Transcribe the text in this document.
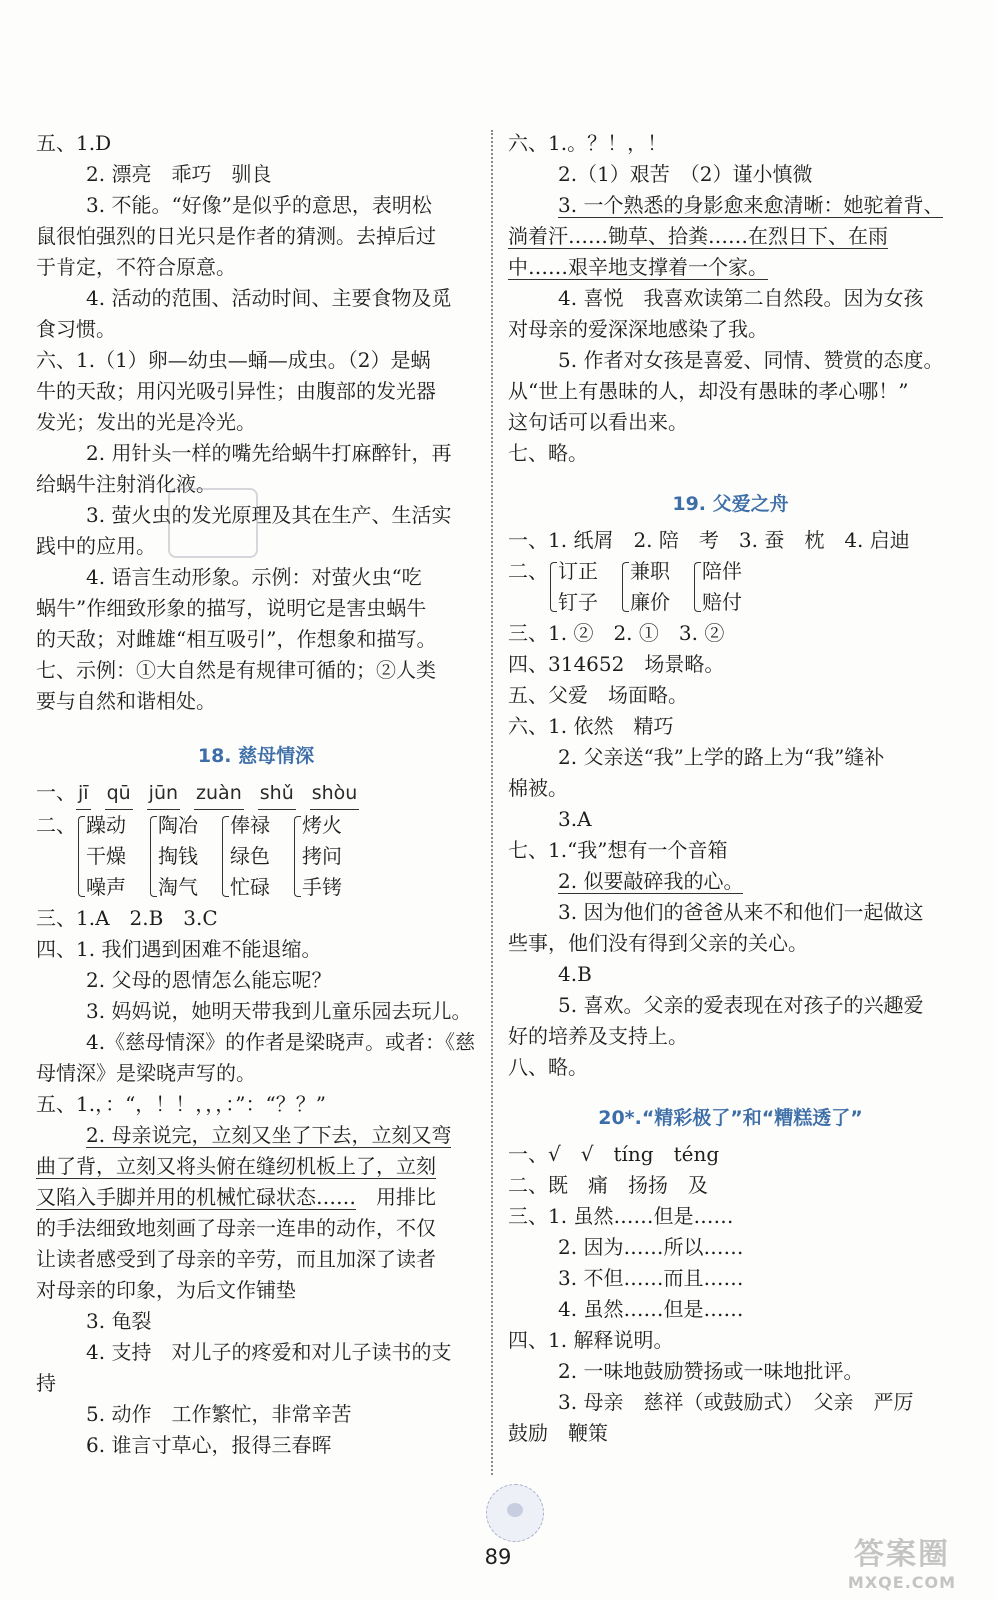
五、1.D
2. 漂亮　乖巧　驯良
3. 不能。“好像”是似乎的意思，表明松
鼠很怕强烈的日光只是作者的猜测。去掉后过
于肯定，不符合原意。
4. 活动的范围、活动时间、主要食物及觅
食习惯。
六、1.（1）卵—幼虫—蛹—成虫。（2）是蜗
牛的天敌；用闪光吸引异性；由腹部的发光器
发光；发出的光是冷光。
2. 用针头一样的嘴先给蜗牛打麻醉针，再
给蜗牛注射消化液。
3. 萤火虫的发光原理及其在生产、生活实
践中的应用。
4. 语言生动形象。示例：对萤火虫“吃
蜗牛”作细致形象的描写，说明它是害虫蜗牛
的天敌；对雌雄“相互吸引”，作想象和描写。
七、示例：①大自然是有规律可循的；②人类
要与自然和谐相处。
18. 慈母情深
一、 jī qū jūn zuàn shǔ shòu
二、 躁动
干燥
噪声
陶冶
掏钱
淘气
俸禄
绿色
忙碌
烤火
拷问
手铐
三、1.A　2.B　3.C
四、1. 我们遇到困难不能退缩。
2. 父母的恩情怎么能忘呢？
3. 妈妈说，她明天带我到儿童乐园去玩儿。
4.《慈母情深》的作者是梁晓声。或者：《慈
母情深》是梁晓声写的。
五、1.，：“，！！，，，：”：“？？”
2. 母亲说完，立刻又坐了下去，立刻又弯
曲了背，立刻又将头俯在缝纫机板上了，立刻
又陷入手脚并用的机械忙碌状态……　用排比
的手法细致地刻画了母亲一连串的动作，不仅
让读者感受到了母亲的辛劳，而且加深了读者
对母亲的印象，为后文作铺垫
3. 龟裂
4. 支持　对儿子的疼爱和对儿子读书的支
持
5. 动作　工作繁忙，非常辛苦
6. 谁言寸草心，报得三春晖
六、1.。？！，！
2.（1）艰苦　（2）谨小慎微
3. 一个熟悉的身影愈来愈清晰：她驼着背、
淌着汗……锄草、拾粪……在烈日下、在雨
中……艰辛地支撑着一个家。
4. 喜悦　我喜欢读第二自然段。因为女孩
对母亲的爱深深地感染了我。
5. 作者对女孩是喜爱、同情、赞赏的态度。
从“世上有愚昧的人，却没有愚昧的孝心哪！”
这句话可以看出来。
七、略。
19. 父爱之舟
一、1. 纸屑　2. 陪　考　3. 蚕　枕　4. 启迪
二、 订正
钉子
兼职
廉价
陪伴
赔付
三、1. ②　2. ①　3. ②
四、314652　场景略。
五、父爱　场面略。
六、1. 依然　精巧
2. 父亲送“我”上学的路上为“我”缝补
棉被。
3.A
七、1.“我”想有一个音箱
2. 似要敲碎我的心。
3. 因为他们的爸爸从来不和他们一起做这
些事，他们没有得到父亲的关心。
4.B
5. 喜欢。父亲的爱表现在对孩子的兴趣爱
好的培养及支持上。
八、略。
20*.“精彩极了”和“糟糕透了”
一、√　√　tíng　téng
二、既　痛　扬扬　及
三、1. 虽然……但是……
2. 因为……所以……
3. 不但……而且……
4. 虽然……但是……
四、1. 解释说明。
2. 一味地鼓励赞扬或一味地批评。
3. 母亲　慈祥（或鼓励式）　父亲　严厉
鼓励　鞭策
89	答案圈
MXQE.COM
